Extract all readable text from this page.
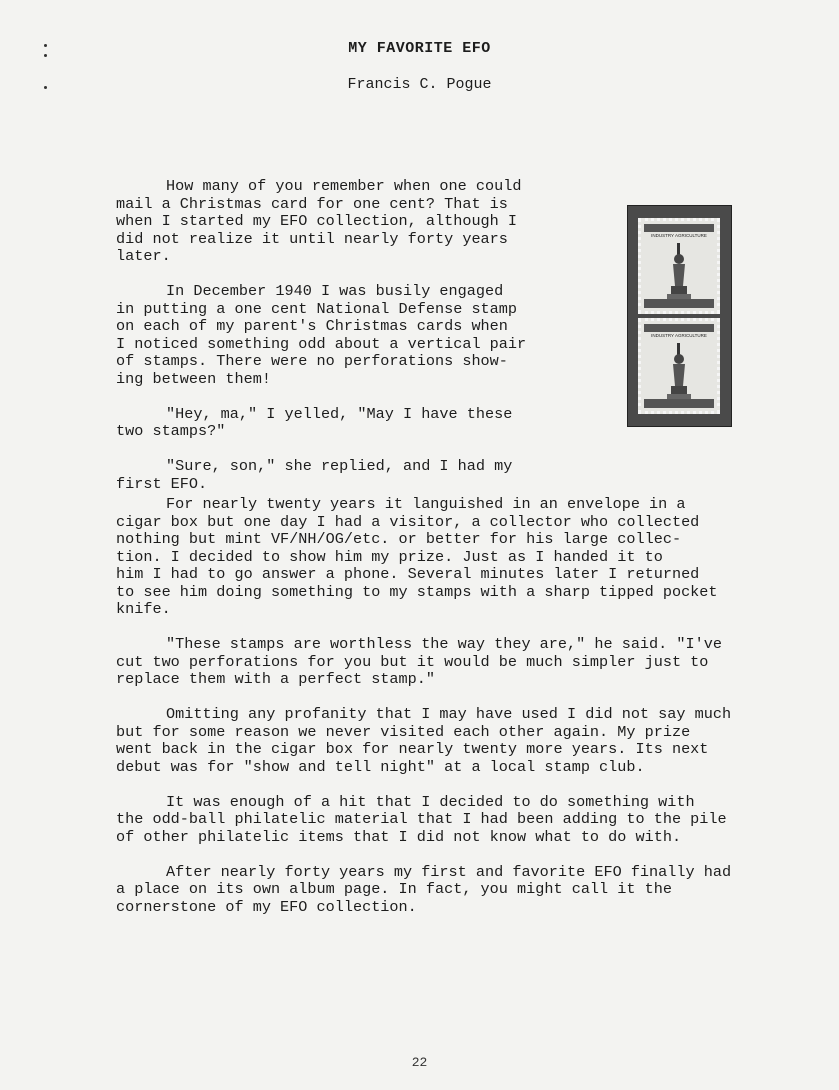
MY FAVORITE EFO
Francis C. Pogue

How many of you remember when one could
mail a Christmas card for one cent? That is
when I started my EFO collection, although I
did not realize it until nearly forty years
later.

In December 1940 I was busily engaged
in putting a one cent National Defense stamp
on each of my parent's Christmas cards when
I noticed something odd about a vertical pair
of stamps. There were no perforations show-
ing between them!

"Hey, ma," I yelled, "May I have these
two stamps?"

"Sure, son," she replied, and I had my
first EFO.

INDUSTRY AGRICULTURE
INDUSTRY AGRICULTURE

For nearly twenty years it languished in an envelope in a
cigar box but one day I had a visitor, a collector who collected
nothing but mint VF/NH/OG/etc. or better for his large collec-
tion. I decided to show him my prize. Just as I handed it to
him I had to go answer a phone. Several minutes later I returned
to see him doing something to my stamps with a sharp tipped pocket
knife.

"These stamps are worthless the way they are," he said. "I've
cut two perforations for you but it would be much simpler just to
replace them with a perfect stamp."

Omitting any profanity that I may have used I did not say much
but for some reason we never visited each other again. My prize
went back in the cigar box for nearly twenty more years. Its next
debut was for "show and tell night" at a local stamp club.

It was enough of a hit that I decided to do something with
the odd-ball philatelic material that I had been adding to the pile
of other philatelic items that I did not know what to do with.

After nearly forty years my first and favorite EFO finally had
a place on its own album page. In fact, you might call it the
cornerstone of my EFO collection.

22
